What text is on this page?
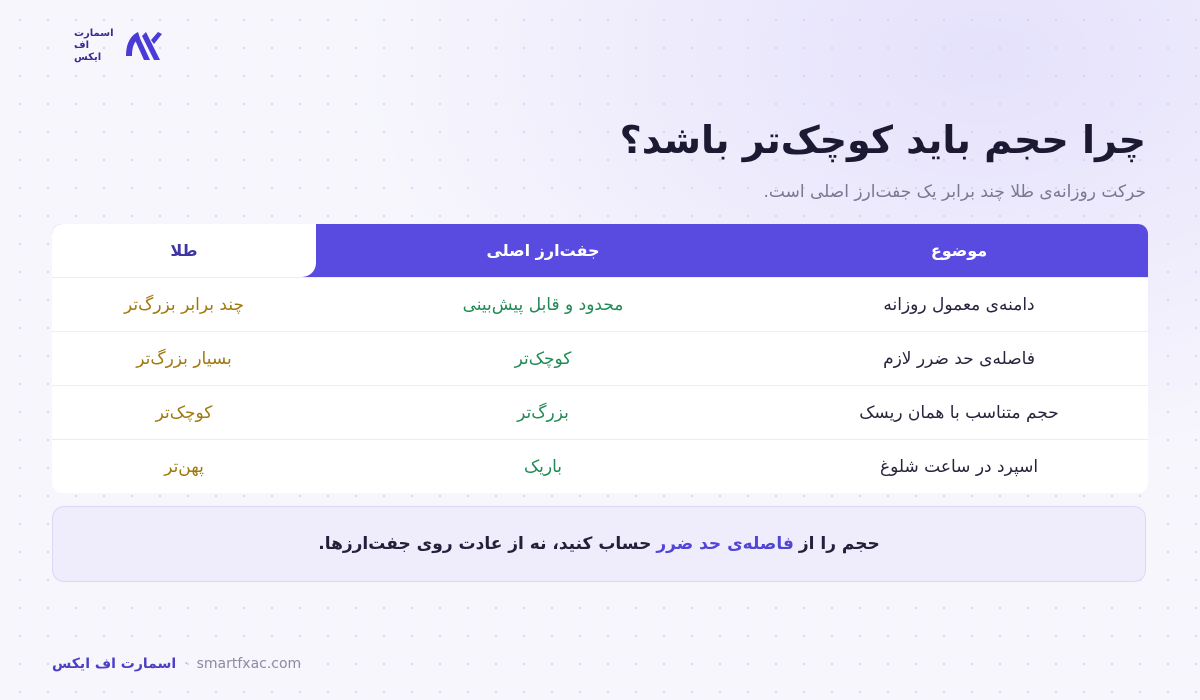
اسمارت
اف
ایکس
چرا حجم باید کوچک‌تر باشد؟

حرکت روزانه‌ی طلا چند برابر یک جفت‌ارز اصلی است.

موضوع
جفت‌ارز اصلی
طلا
دامنه‌ی معمول روزانه
محدود و قابل پیش‌بینی
چند برابر بزرگ‌تر
فاصله‌ی حد ضرر لازم
کوچک‌تر
بسیار بزرگ‌تر
حجم متناسب با همان ریسک
بزرگ‌تر
کوچک‌تر
اسپرد در ساعت شلوغ
باریک
پهن‌تر
حجم را از
فاصله‌ی حد ضرر
حساب کنید، نه از عادت روی جفت‌ارزها.
اسمارت اف ایکس · smartfxac.com
